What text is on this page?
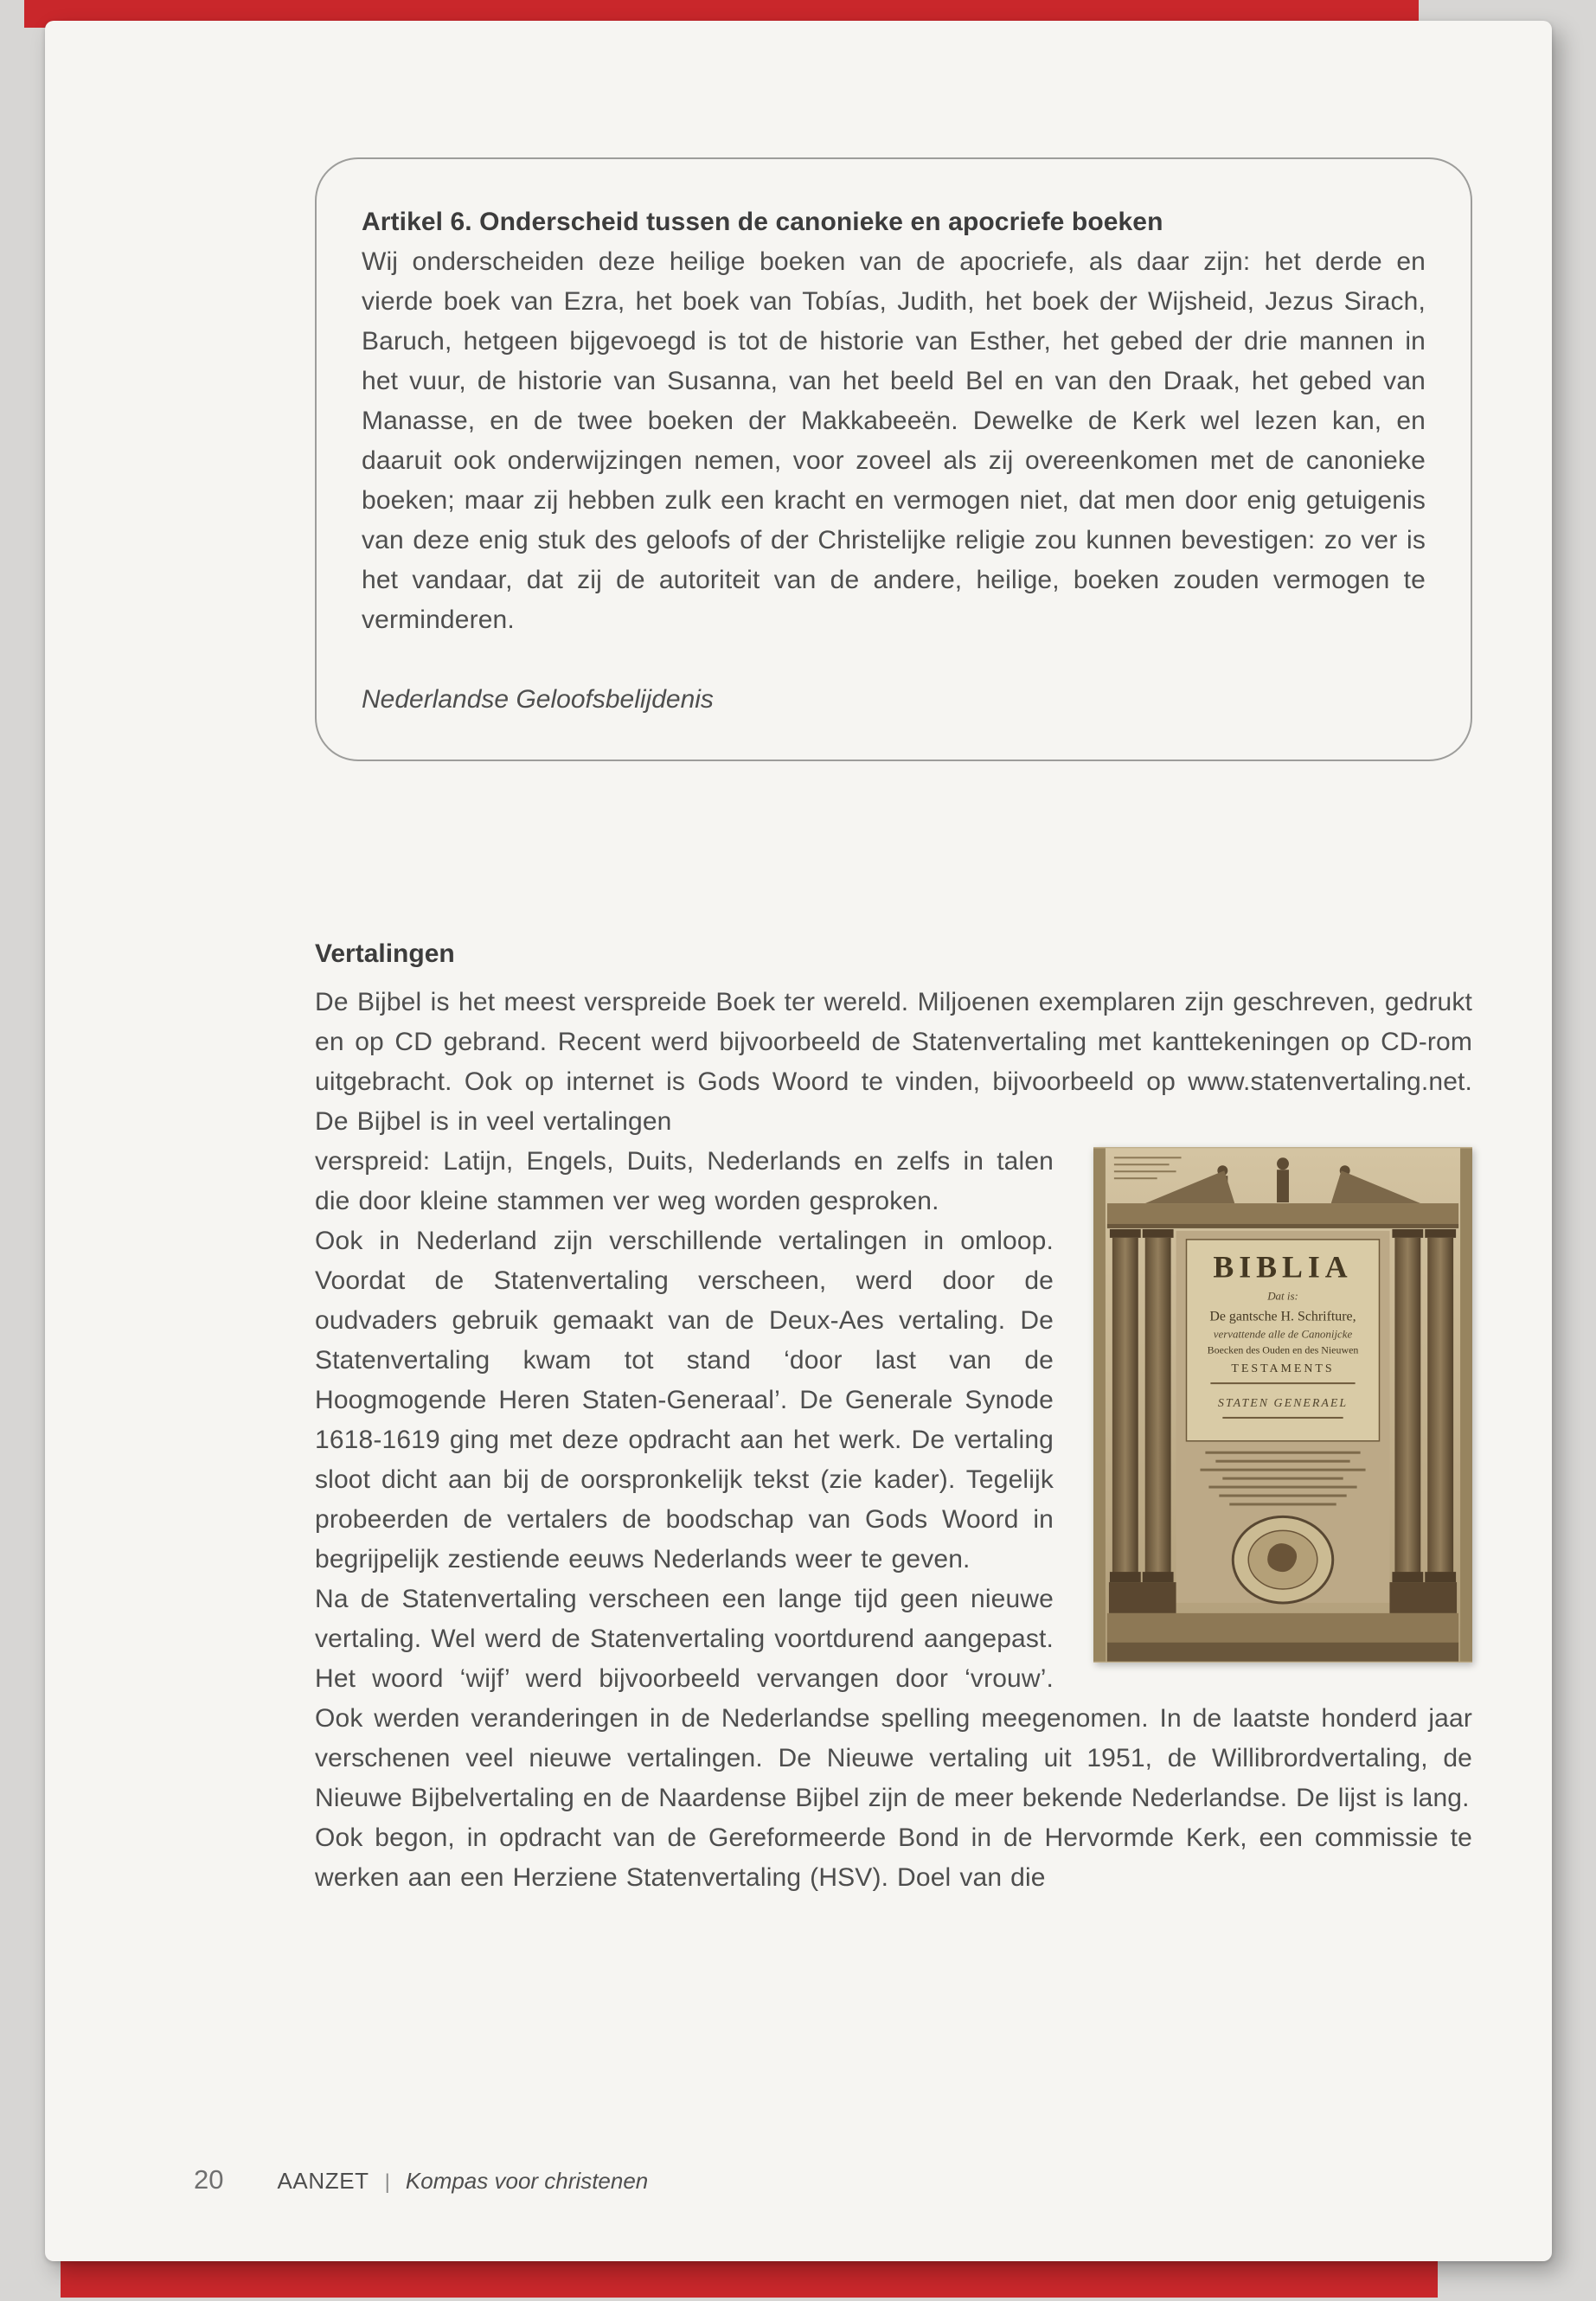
Artikel 6. Onderscheid tussen de canonieke en apocriefe boeken

Wij onderscheiden deze heilige boeken van de apocriefe, als daar zijn: het derde en vierde boek van Ezra, het boek van Tobías, Judith, het boek der Wijsheid, Jezus Sirach, Baruch, hetgeen bijgevoegd is tot de historie van Esther, het gebed der drie mannen in het vuur, de historie van Susanna, van het beeld Bel en van den Draak, het gebed van Manasse, en de twee boeken der Makkabeeën. Dewelke de Kerk wel lezen kan, en daaruit ook onderwijzingen nemen, voor zoveel als zij overeenkomen met de canonieke boeken; maar zij hebben zulk een kracht en vermogen niet, dat men door enig getuigenis van deze enig stuk des geloofs of der Christelijke religie zou kunnen bevestigen: zo ver is het vandaar, dat zij de autoriteit van de andere, heilige, boeken zouden vermogen te verminderen.

Nederlandse Geloofsbelijdenis

Vertalingen

De Bijbel is het meest verspreide Boek ter wereld. Miljoenen exemplaren zijn geschreven, gedrukt en op CD gebrand. Recent werd bijvoorbeeld de Statenvertaling met kanttekeningen op CD-rom uitgebracht. Ook op internet is Gods Woord te vinden, bijvoorbeeld op www.statenvertaling.net. De Bijbel is in veel vertalingen

BIBLIA
Dat is:
De gantsche H. Schrifture,
vervattende alle de Canonijcke
Boecken des Ouden en des Nieuwen
TESTAMENTS
STATEN GENERAEL

verspreid: Latijn, Engels, Duits, Nederlands en zelfs in talen die door kleine stammen ver weg worden gesproken.

Ook in Nederland zijn verschillende vertalingen in omloop. Voordat de Statenvertaling verscheen, werd door de oudvaders gebruik gemaakt van de Deux-Aes vertaling. De Statenvertaling kwam tot stand ‘door last van de Hoogmogende Heren Staten-Generaal’. De Generale Synode 1618-1619 ging met deze opdracht aan het werk. De vertaling sloot dicht aan bij de oorspronkelijk tekst (zie kader). Tegelijk probeerden de vertalers de boodschap van Gods Woord in begrijpelijk zestiende eeuws Nederlands weer te geven.

Na de Statenvertaling verscheen een lange tijd geen nieuwe vertaling. Wel werd de Statenvertaling voortdurend aangepast. Het woord ‘wijf’ werd bijvoorbeeld vervangen door ‘vrouw’. Ook werden veranderingen in de Nederlandse spelling meegenomen. In de laatste honderd jaar verschenen veel nieuwe vertalingen. De Nieuwe vertaling uit 1951, de Willibrordvertaling, de Nieuwe Bijbelvertaling en de Naardense Bijbel zijn de meer bekende Nederlandse. De lijst is lang.

Ook begon, in opdracht van de Gereformeerde Bond in de Hervormde Kerk, een commissie te werken aan een Herziene Statenvertaling (HSV). Doel van die

20 AANZET | Kompas voor christenen
